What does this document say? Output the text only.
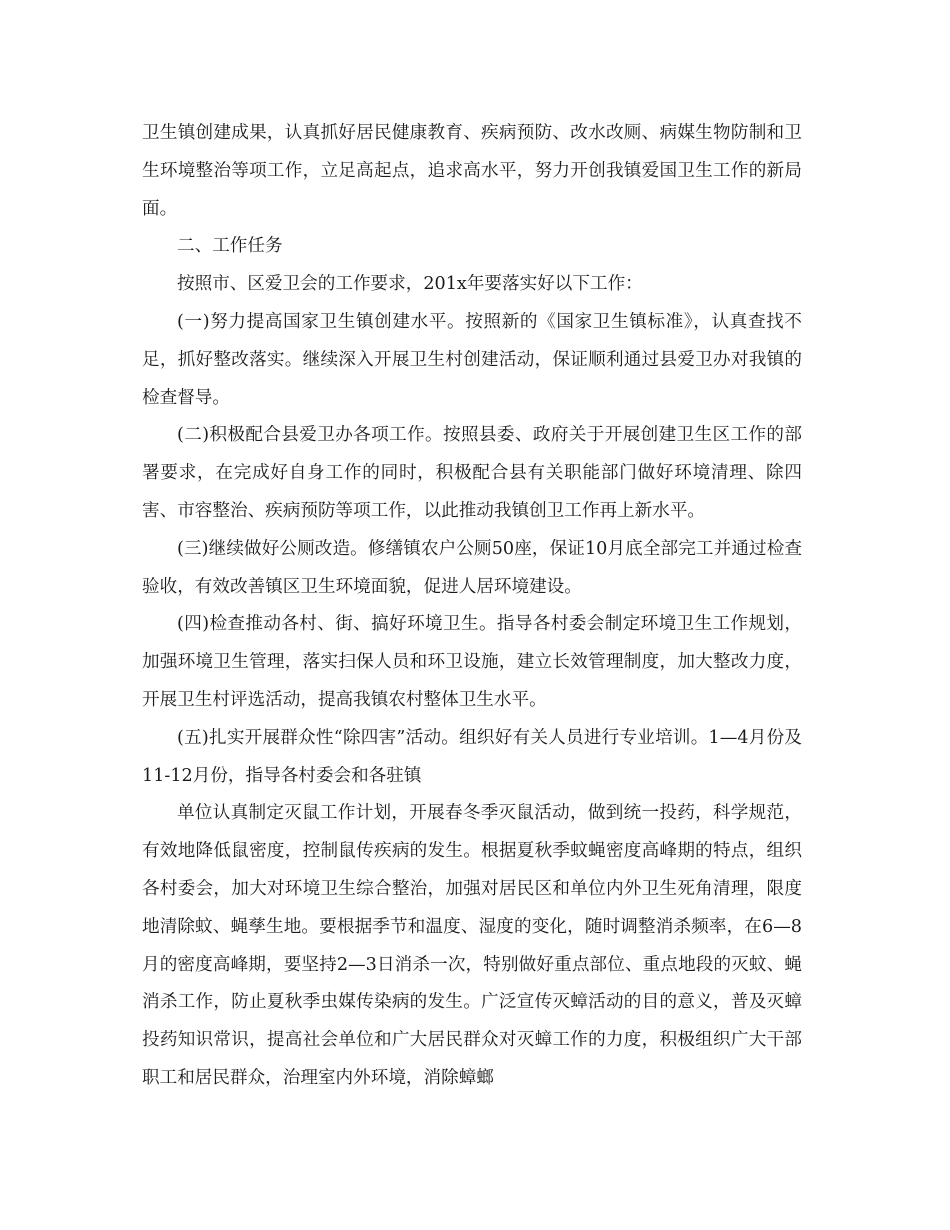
卫生镇创建成果，认真抓好居民健康教育、疾病预防、改水改厕、病媒生物防制和卫生环境整治等项工作，立足高起点，追求高水平，努力开创我镇爱国卫生工作的新局面。

二、工作任务

按照市、区爱卫会的工作要求，201x年要落实好以下工作：

(一)努力提高国家卫生镇创建水平。按照新的《国家卫生镇标准》，认真查找不足，抓好整改落实。继续深入开展卫生村创建活动，保证顺利通过县爱卫办对我镇的检查督导。

(二)积极配合县爱卫办各项工作。按照县委、政府关于开展创建卫生区工作的部署要求，在完成好自身工作的同时，积极配合县有关职能部门做好环境清理、除四害、市容整治、疾病预防等项工作，以此推动我镇创卫工作再上新水平。

(三)继续做好公厕改造。修缮镇农户公厕50座，保证10月底全部完工并通过检查验收，有效改善镇区卫生环境面貌，促进人居环境建设。

(四)检查推动各村、街、搞好环境卫生。指导各村委会制定环境卫生工作规划，加强环境卫生管理，落实扫保人员和环卫设施，建立长效管理制度，加大整改力度，开展卫生村评选活动，提高我镇农村整体卫生水平。

(五)扎实开展群众性“除四害”活动。组织好有关人员进行专业培训。1—4月份及11-12月份，指导各村委会和各驻镇

单位认真制定灭鼠工作计划，开展春冬季灭鼠活动，做到统一投药，科学规范，有效地降低鼠密度，控制鼠传疾病的发生。根据夏秋季蚊蝇密度高峰期的特点，组织各村委会，加大对环境卫生综合整治，加强对居民区和单位内外卫生死角清理，限度地清除蚊、蝇孳生地。要根据季节和温度、湿度的变化，随时调整消杀频率，在6—8月的密度高峰期，要坚持2—3日消杀一次，特别做好重点部位、重点地段的灭蚊、蝇消杀工作，防止夏秋季虫媒传染病的发生。广泛宣传灭蟑活动的目的意义，普及灭蟑投药知识常识，提高社会单位和广大居民群众对灭蟑工作的力度，积极组织广大干部职工和居民群众，治理室内外环境，消除蟑螂
